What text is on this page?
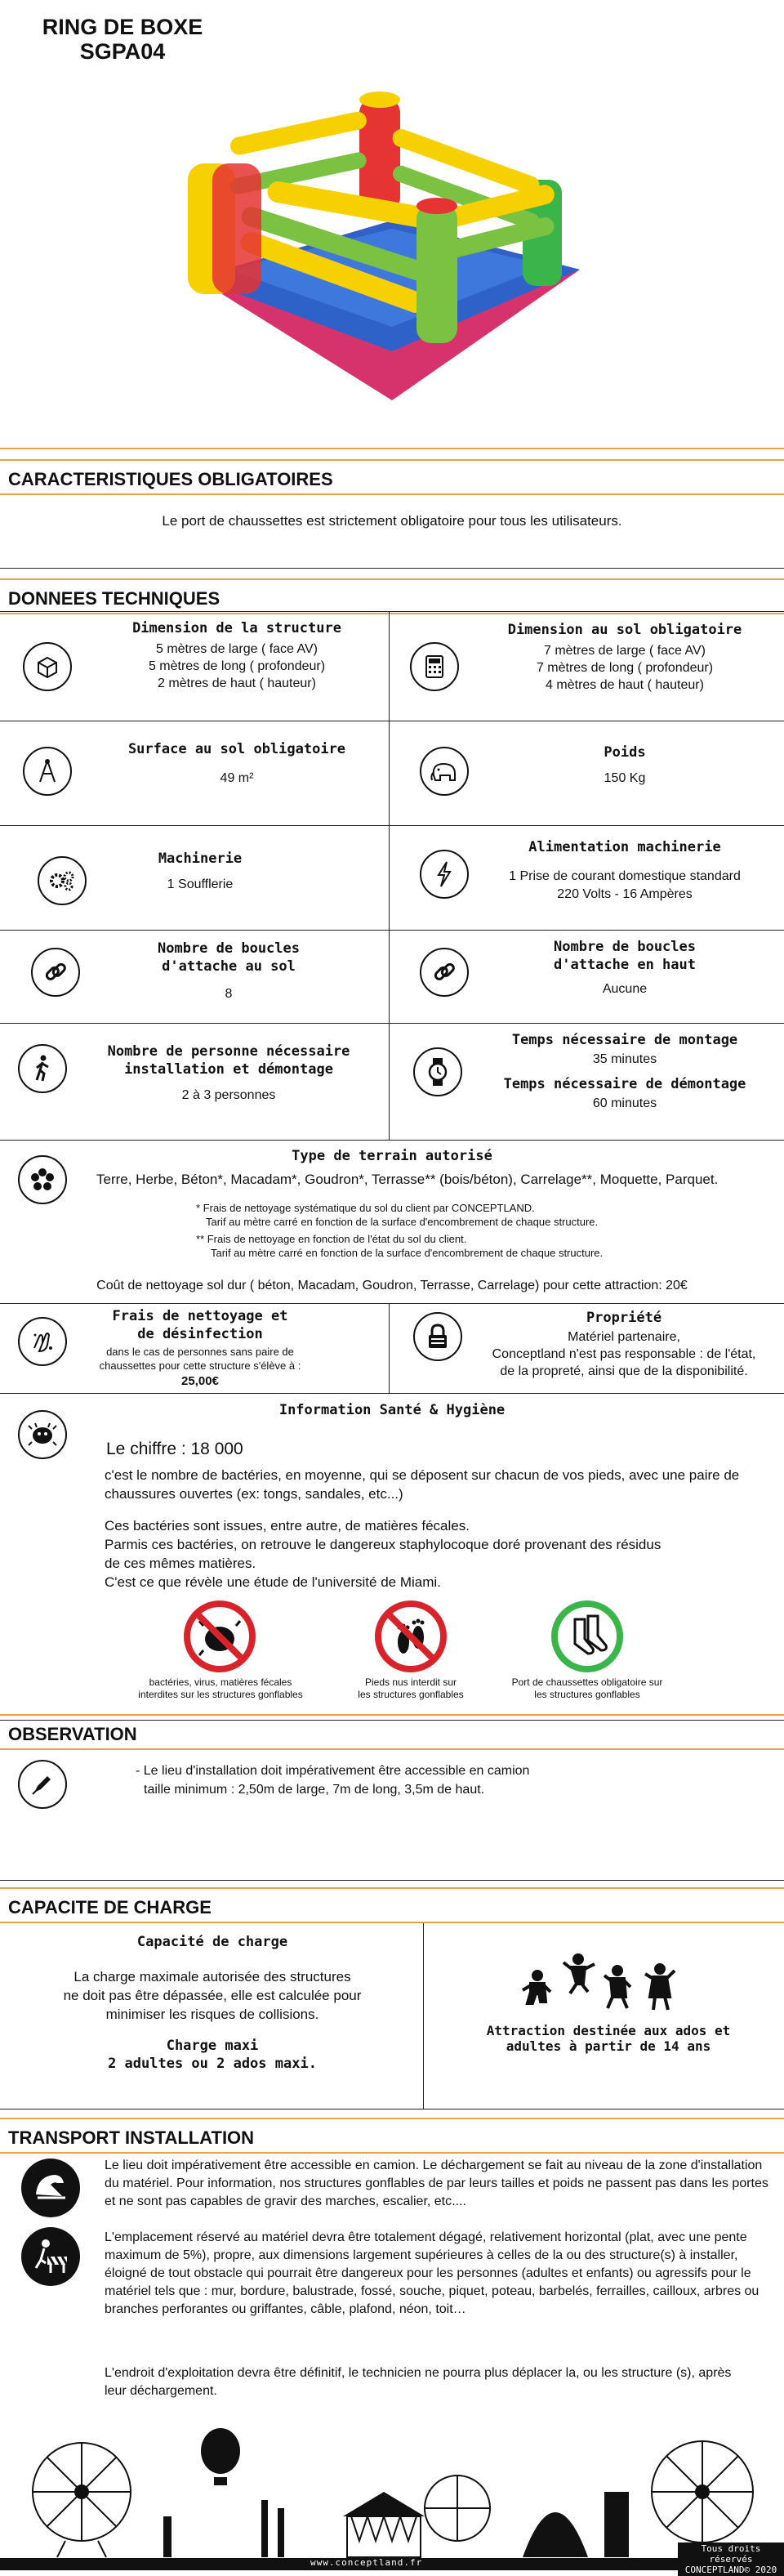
RING DE BOXE
SGPA04
CARACTERISTIQUES OBLIGATOIRES
Le port de chaussettes est strictement obligatoire pour tous les utilisateurs.
DONNEES TECHNIQUES
Dimension de la structure
5 mètres de large ( face AV)
5 mètres de long ( profondeur)
2 mètres de haut ( hauteur)
Dimension au sol obligatoire
7 mètres de large ( face AV)
7 mètres de long ( profondeur)
4 mètres de haut ( hauteur)
Surface au sol obligatoire
49 m²
Poids
150 Kg
Machinerie
1 Soufflerie
Alimentation machinerie
1 Prise de courant domestique standard
220 Volts - 16 Ampères
Nombre de boucles
d'attache au sol
8
Nombre de boucles
d'attache en haut
Aucune
Nombre de personne nécessaire
installation et démontage
2 à 3 personnes
Temps nécessaire de montage
35 minutes
Temps nécessaire de démontage
60 minutes
Type de terrain autorisé
Terre, Herbe, Béton*, Macadam*, Goudron*, Terrasse** (bois/béton), Carrelage**, Moquette, Parquet.
* Frais de nettoyage systématique du sol du client par CONCEPTLAND.
Tarif au mètre carré en fonction de la surface d'encombrement de chaque structure.
** Frais de nettoyage en fonction de l'état du sol du client.
Tarif au mètre carré en fonction de la surface d'encombrement de chaque structure.
Coût de nettoyage sol dur ( béton, Macadam, Goudron, Terrasse, Carrelage) pour cette attraction: 20€
Frais de nettoyage et
de désinfection
dans le cas de personnes sans paire de
chaussettes pour cette structure s'élève à :
25,00€
Propriété
Matériel partenaire,
Conceptland n'est pas responsable : de l'état,
de la propreté, ainsi que de la disponibilité.
Information Santé & Hygiène
Le chiffre : 18 000
c'est le nombre de bactéries, en moyenne, qui se déposent sur chacun de vos pieds, avec une paire de chaussures ouvertes (ex: tongs, sandales, etc...)
Ces bactéries sont issues, entre autre, de matières fécales.
Parmis ces bactéries, on retrouve le dangereux staphylocoque doré provenant des résidus
de ces mêmes matières.
C'est ce que révèle une étude de l'université de Miami.
bactéries, virus, matières fécales
interdites sur les structures gonflables
Pieds nus interdit sur
les structures gonflables
Port de chaussettes obligatoire sur
les structures gonflables
OBSERVATION
- Le lieu d'installation doit impérativement être accessible en camion
taille minimum : 2,50m de large, 7m de long, 3,5m de haut.
CAPACITE DE CHARGE
Capacité de charge
La charge maximale autorisée des structures
ne doit pas être dépassée, elle est calculée pour
minimiser les risques de collisions.
Charge maxi
2 adultes ou 2 ados maxi.
Attraction destinée aux ados et
adultes à partir de 14 ans
TRANSPORT INSTALLATION
Le lieu doit impérativement être accessible en camion. Le déchargement se fait au niveau de la zone d'installation du matériel. Pour information, nos structures gonflables de par leurs tailles et poids ne passent pas dans les portes et ne sont pas capables de gravir des marches, escalier, etc....
L'emplacement réservé au matériel devra être totalement dégagé, relativement horizontal (plat, avec une pente maximum de 5%), propre, aux dimensions largement supérieures à celles de la ou des structure(s) à installer, éloigné de tout obstacle qui pourrait être dangereux pour les personnes (adultes et enfants) ou agressifs pour le matériel tels que : mur, bordure, balustrade, fossé, souche, piquet, poteau, barbelés, ferrailles, cailloux, arbres ou branches perforantes ou griffantes, câble, plafond, néon, toit…
L'endroit d'exploitation devra être définitif, le technicien ne pourra plus déplacer la, ou les structure (s), après leur déchargement.
www.conceptland.fr
Tous droits réservés
CONCEPTLAND© 2020
